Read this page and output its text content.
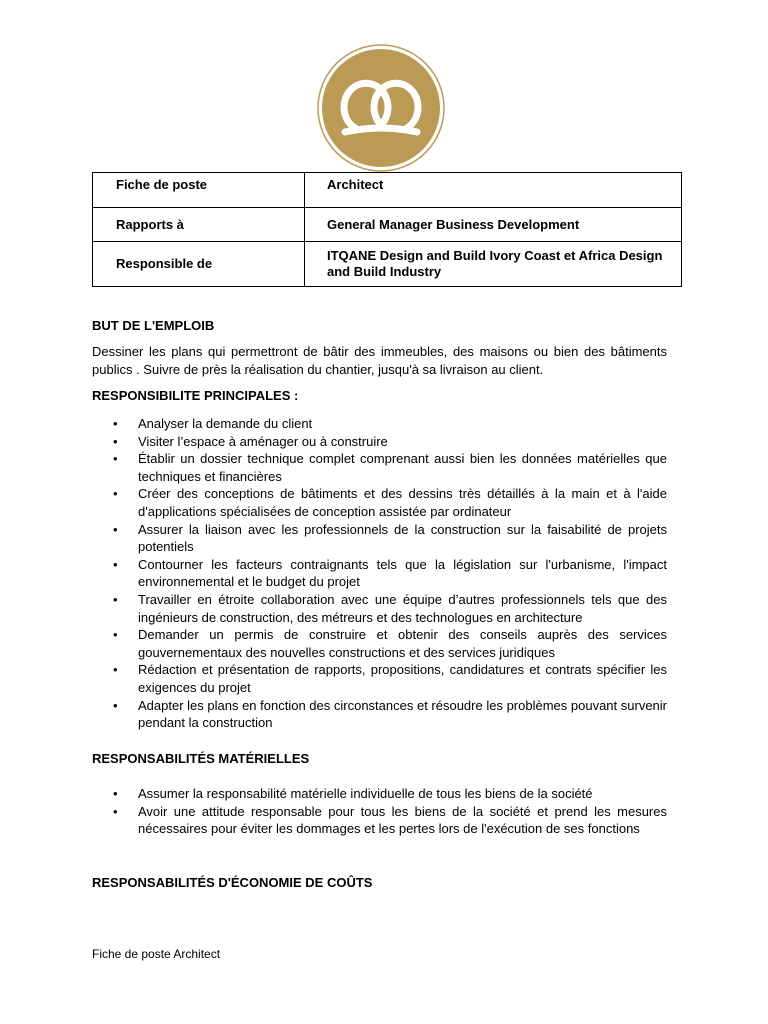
Fiche de poste	Architect
Rapports à	General Manager Business Development
Responsible de	ITQANE Design and Build Ivory Coast et Africa Design and Build Industry
BUT DE L'EMPLOIB
Dessiner les plans qui permettront de bâtir des immeubles, des maisons ou bien des bâtiments publics . Suivre de près la réalisation du chantier, jusqu'à sa livraison au client.
RESPONSIBILITE PRINCIPALES :
• Analyser la demande du client
• Visiter l’espace à aménager ou à construire
• Établir un dossier technique complet comprenant aussi bien les données matérielles que techniques et financières
• Créer des conceptions de bâtiments et des dessins très détaillés à la main et à l'aide d'applications spécialisées de conception assistée par ordinateur
• Assurer la liaison avec les professionnels de la construction sur la faisabilité de projets potentiels
• Contourner les facteurs contraignants tels que la législation sur l'urbanisme, l'impact environnemental et le budget du projet
• Travailler en étroite collaboration avec une équipe d’autres professionnels tels que des ingénieurs de construction, des métreurs et des technologues en architecture
• Demander un permis de construire et obtenir des conseils auprès des services gouvernementaux des nouvelles constructions et des services juridiques
• Rédaction et présentation de rapports, propositions, candidatures et contrats spécifier les exigences du projet
• Adapter les plans en fonction des circonstances et résoudre les problèmes pouvant survenir pendant la construction
RESPONSABILITÉS MATÉRIELLES
• Assumer la responsabilité matérielle individuelle de tous les biens de la société
• Avoir une attitude responsable pour tous les biens de la société et prend les mesures nécessaires pour éviter les dommages et les pertes lors de l'exécution de ses fonctions
RESPONSABILITÉS D'ÉCONOMIE DE COÛTS
Fiche de poste Architect
